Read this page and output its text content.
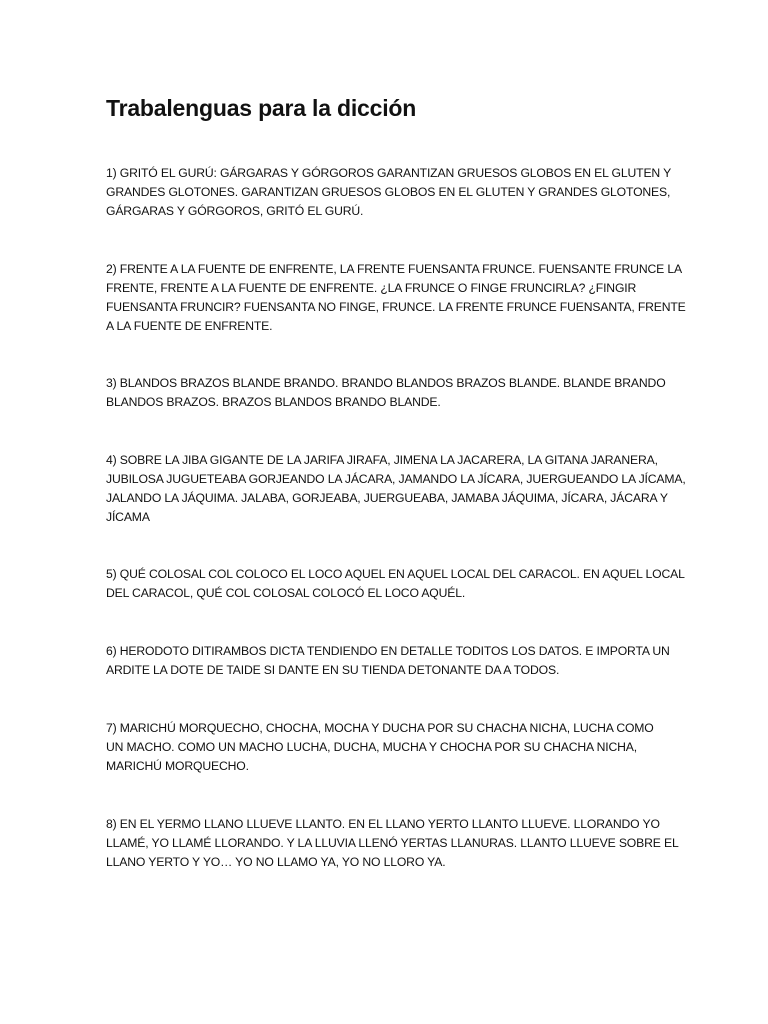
Trabalenguas para la dicción

1) GRITÓ EL GURÚ: GÁRGARAS Y GÓRGOROS GARANTIZAN GRUESOS GLOBOS EN EL GLUTEN Y
GRANDES GLOTONES. GARANTIZAN GRUESOS GLOBOS EN EL GLUTEN Y GRANDES GLOTONES,
GÁRGARAS Y GÓRGOROS, GRITÓ EL GURÚ.

2) FRENTE A LA FUENTE DE ENFRENTE, LA FRENTE FUENSANTA FRUNCE. FUENSANTE FRUNCE LA
FRENTE, FRENTE A LA FUENTE DE ENFRENTE. ¿LA FRUNCE O FINGE FRUNCIRLA? ¿FINGIR
FUENSANTA FRUNCIR? FUENSANTA NO FINGE, FRUNCE. LA FRENTE FRUNCE FUENSANTA, FRENTE
A LA FUENTE DE ENFRENTE.

3) BLANDOS BRAZOS BLANDE BRANDO. BRANDO BLANDOS BRAZOS BLANDE. BLANDE BRANDO
BLANDOS BRAZOS. BRAZOS BLANDOS BRANDO BLANDE.

4) SOBRE LA JIBA GIGANTE DE LA JARIFA JIRAFA, JIMENA LA JACARERA, LA GITANA JARANERA,
JUBILOSA JUGUETEABA GORJEANDO LA JÁCARA, JAMANDO LA JÍCARA, JUERGUEANDO LA JÍCAMA,
JALANDO LA JÁQUIMA. JALABA, GORJEABA, JUERGUEABA, JAMABA JÁQUIMA, JÍCARA, JÁCARA Y
JÍCAMA

5) QUÉ COLOSAL COL COLOCO EL LOCO AQUEL EN AQUEL LOCAL DEL CARACOL. EN AQUEL LOCAL
DEL CARACOL, QUÉ COL COLOSAL COLOCÓ EL LOCO AQUÉL.

6) HERODOTO DITIRAMBOS DICTA TENDIENDO EN DETALLE TODITOS LOS DATOS. E IMPORTA UN
ARDITE LA DOTE DE TAIDE SI DANTE EN SU TIENDA DETONANTE DA A TODOS.

7) MARICHÚ MORQUECHO, CHOCHA, MOCHA Y DUCHA POR SU CHACHA NICHA, LUCHA COMO
UN MACHO. COMO UN MACHO LUCHA, DUCHA, MUCHA Y CHOCHA POR SU CHACHA NICHA,
MARICHÚ MORQUECHO.

8) EN EL YERMO LLANO LLUEVE LLANTO. EN EL LLANO YERTO LLANTO LLUEVE. LLORANDO YO
LLAMÉ, YO LLAMÉ LLORANDO. Y LA LLUVIA LLENÓ YERTAS LLANURAS. LLANTO LLUEVE SOBRE EL
LLANO YERTO Y YO… YO NO LLAMO YA, YO NO LLORO YA.
